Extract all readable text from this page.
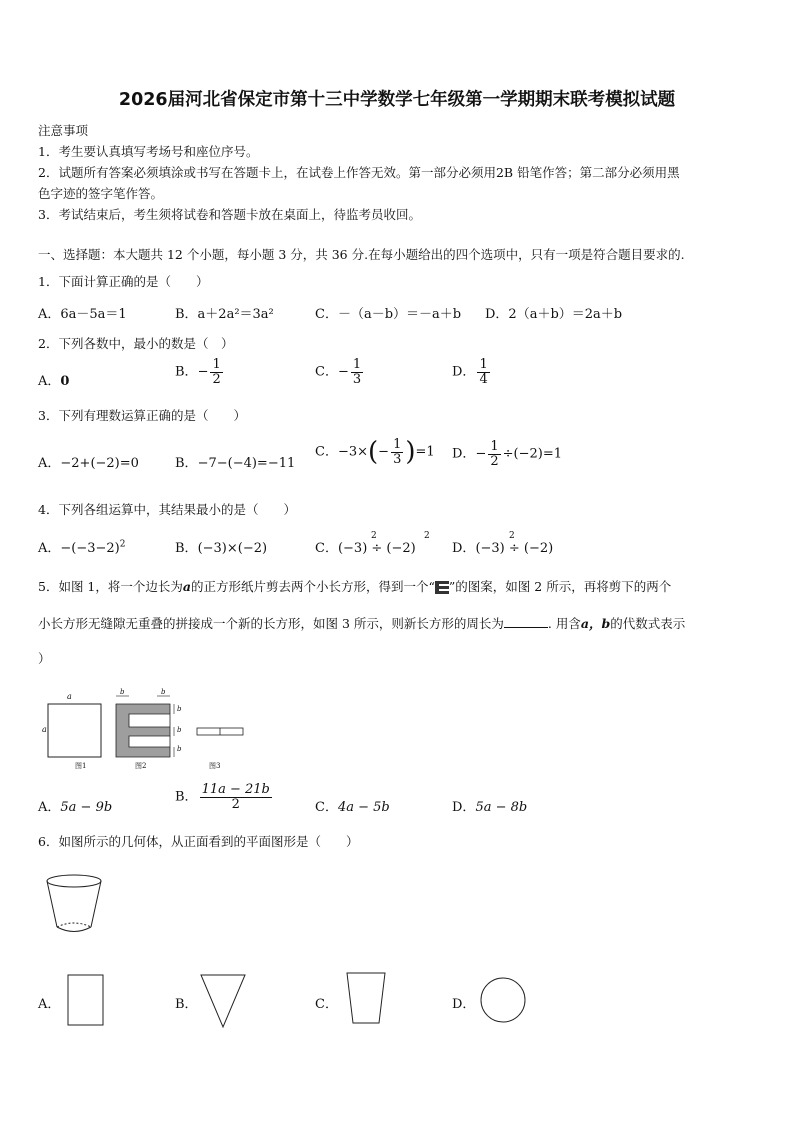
2026届河北省保定市第十三中学数学七年级第一学期期末联考模拟试题
注意事项
1．考生要认真填写考场号和座位序号。
2．试题所有答案必须填涂或书写在答题卡上，在试卷上作答无效。第一部分必须用2B 铅笔作答；第二部分必须用黑
色字迹的签字笔作答。
3．考试结束后，考生须将试卷和答题卡放在桌面上，待监考员收回。
一、选择题：本大题共 12 个小题，每小题 3 分，共 36 分.在每小题给出的四个选项中，只有一项是符合题目要求的.
1．下面计算正确的是（　　）
A．6a－5a＝1	B．a＋2a²＝3a²	C．－（a－b）＝－a＋b D．2（a＋b）＝2a＋b
2．下列各数中，最小的数是（　）
A．0
B．− $\frac{1}{2}$	C．− $\frac{1}{3}$	D． $\frac{1}{4}$
3．下列有理数运算正确的是（　　）
A．−2+(−2)=0	B．−7−(−4)=−11
C．$-3\times(- \frac{1}{3} )=1$ D．− $\frac{1}{2} \div(-2)=1$
4．下列各组运算中，其结果最小的是（　　）
A．$-(-3-2)^2$	B．(−3)×(−2)	C．(−3) ÷ (−2)
2	2
D．(−3) ÷ (−2)
2
5．如图 1，将一个边长为a的正方形纸片剪去两个小长方形，得到一个“ ”的图案，如图 2 所示，再将剪下的两个
小长方形无缝隙无重叠的拼接成一个新的长方形，如图 3 所示，则新长方形的周长为	. 用含a，b的代数式表示
）
a
a
b	b
b
b
b
图1	图2	图3
A．5a − 9b
B． $\frac{11a - 21b}{2}$	C．4a − 5b	D．5a − 8b
6．如图所示的几何体，从正面看到的平面图形是（　　）
A．	B．	C．	D．
